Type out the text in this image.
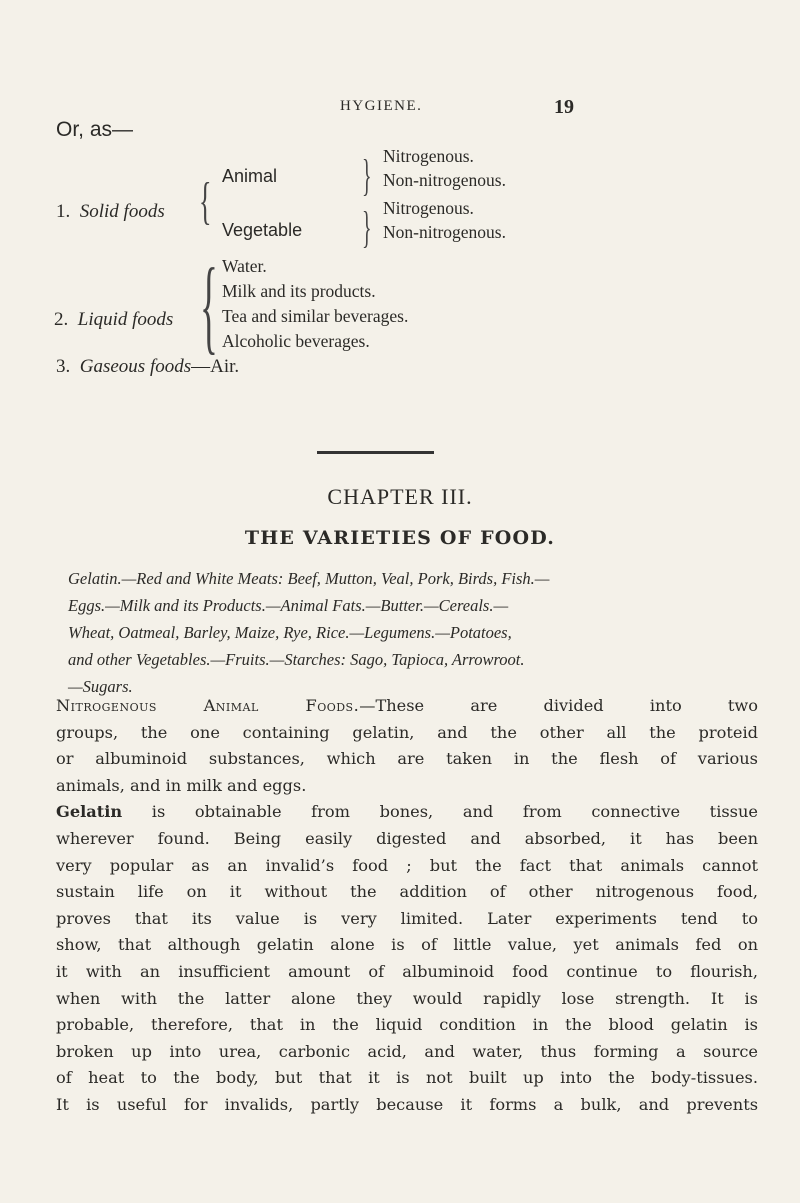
HYGIENE.	19
Or, as—
1. Solid foods { Animal } Nitrogenous.
Non-nitrogenous.
Vegetable } Nitrogenous.
Non-nitrogenous.
2. Liquid foods { Water.
Milk and its products.
Tea and similar beverages.
Alcoholic beverages.
3. Gaseous foods—Air.
CHAPTER III.
THE VARIETIES OF FOOD.
Gelatin.—Red and White Meats: Beef, Mutton, Veal, Pork, Birds, Fish.—
Eggs.—Milk and its Products.—Animal Fats.—Butter.—Cereals.—
Wheat, Oatmeal, Barley, Maize, Rye, Rice.—Legumens.—Potatoes,
and other Vegetables.—Fruits.—Starches: Sago, Tapioca, Arrowroot.
—Sugars.
Nitrogenous Animal Foods.—These are divided into two
groups, the one containing gelatin, and the other all the proteid
or albuminoid substances, which are taken in the flesh of various
animals, and in milk and eggs.
Gelatin is obtainable from bones, and from connective tissue
wherever found. Being easily digested and absorbed, it has been
very popular as an invalid’s food ; but the fact that animals cannot
sustain life on it without the addition of other nitrogenous food,
proves that its value is very limited. Later experiments tend to
show, that although gelatin alone is of little value, yet animals fed on
it with an insufficient amount of albuminoid food continue to flourish,
when with the latter alone they would rapidly lose strength. It is
probable, therefore, that in the liquid condition in the blood gelatin is
broken up into urea, carbonic acid, and water, thus forming a source
of heat to the body, but that it is not built up into the body-tissues.
It is useful for invalids, partly because it forms a bulk, and prevents
